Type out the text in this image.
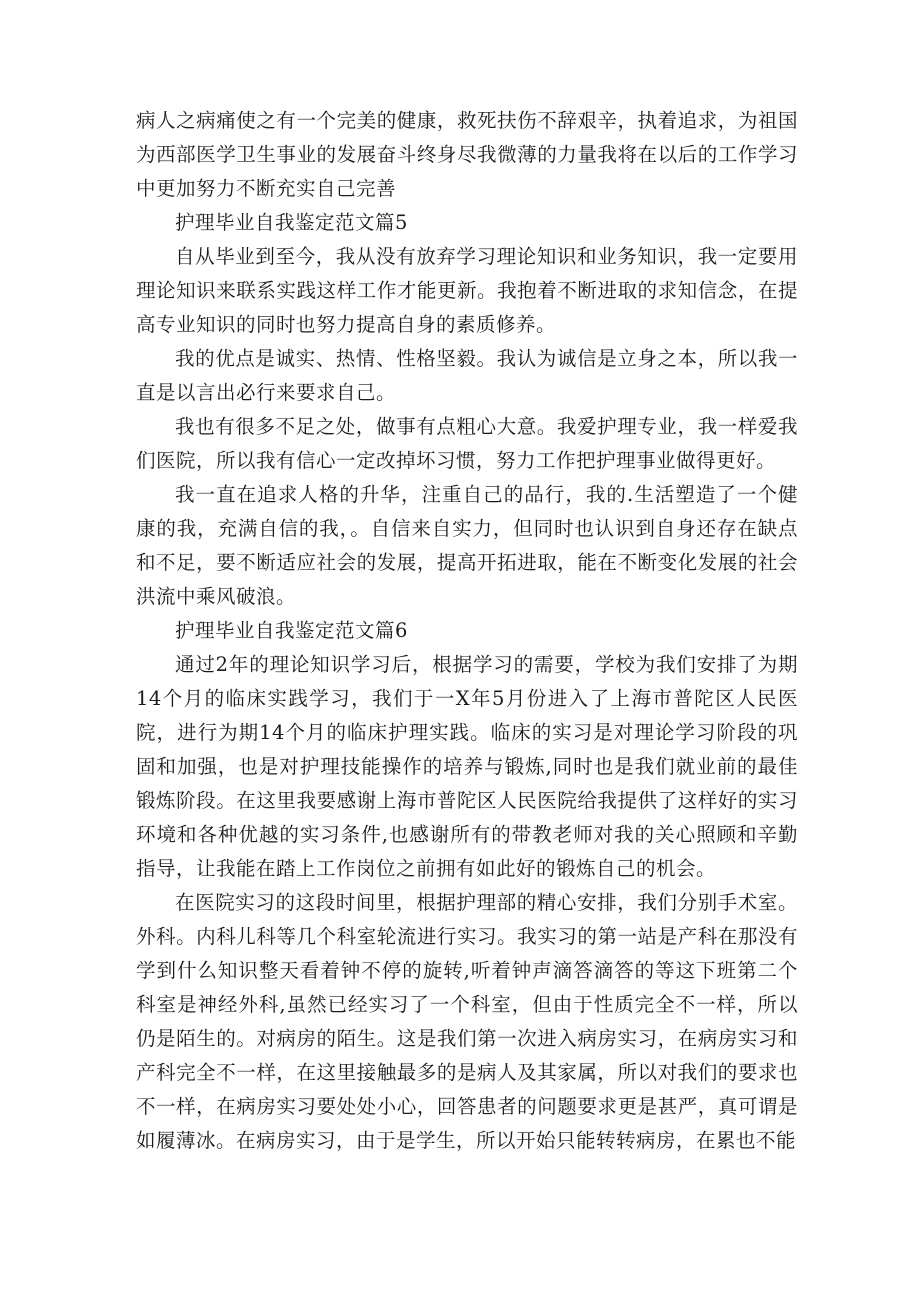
病人之病痛使之有一个完美的健康，救死扶伤不辞艰辛，执着追求，为祖国为西部医学卫生事业的发展奋斗终身尽我微薄的力量我将在以后的工作学习中更加努力不断充实自己完善

护理毕业自我鉴定范文篇5

自从毕业到至今，我从没有放弃学习理论知识和业务知识，我一定要用理论知识来联系实践这样工作才能更新。我抱着不断进取的求知信念，在提高专业知识的同时也努力提高自身的素质修养。

我的优点是诚实、热情、性格坚毅。我认为诚信是立身之本，所以我一直是以言出必行来要求自己。

我也有很多不足之处，做事有点粗心大意。我爱护理专业，我一样爱我们医院，所以我有信心一定改掉坏习惯，努力工作把护理事业做得更好。

我一直在追求人格的升华，注重自己的品行，我的.生活塑造了一个健康的我，充满自信的我，。自信来自实力，但同时也认识到自身还存在缺点和不足，要不断适应社会的发展，提高开拓进取，能在不断变化发展的社会洪流中乘风破浪。

护理毕业自我鉴定范文篇6

通过2年的理论知识学习后，根据学习的需要，学校为我们安排了为期14个月的临床实践学习，我们于一X年5月份进入了上海市普陀区人民医院，进行为期14个月的临床护理实践。临床的实习是对理论学习阶段的巩固和加强，也是对护理技能操作的培养与锻炼,同时也是我们就业前的最佳锻炼阶段。在这里我要感谢上海市普陀区人民医院给我提供了这样好的实习环境和各种优越的实习条件,也感谢所有的带教老师对我的关心照顾和辛勤指导，让我能在踏上工作岗位之前拥有如此好的锻炼自己的机会。

在医院实习的这段时间里，根据护理部的精心安排，我们分别手术室。外科。内科儿科等几个科室轮流进行实习。我实习的第一站是产科在那没有学到什么知识整天看着钟不停的旋转,听着钟声滴答滴答的等这下班第二个科室是神经外科,虽然已经实习了一个科室，但由于性质完全不一样，所以仍是陌生的。对病房的陌生。这是我们第一次进入病房实习，在病房实习和产科完全不一样，在这里接触最多的是病人及其家属，所以对我们的要求也不一样，在病房实习要处处小心，回答患者的问题要求更是甚严，真可谓是如履薄冰。在病房实习，由于是学生，所以开始只能转转病房，在累也不能
